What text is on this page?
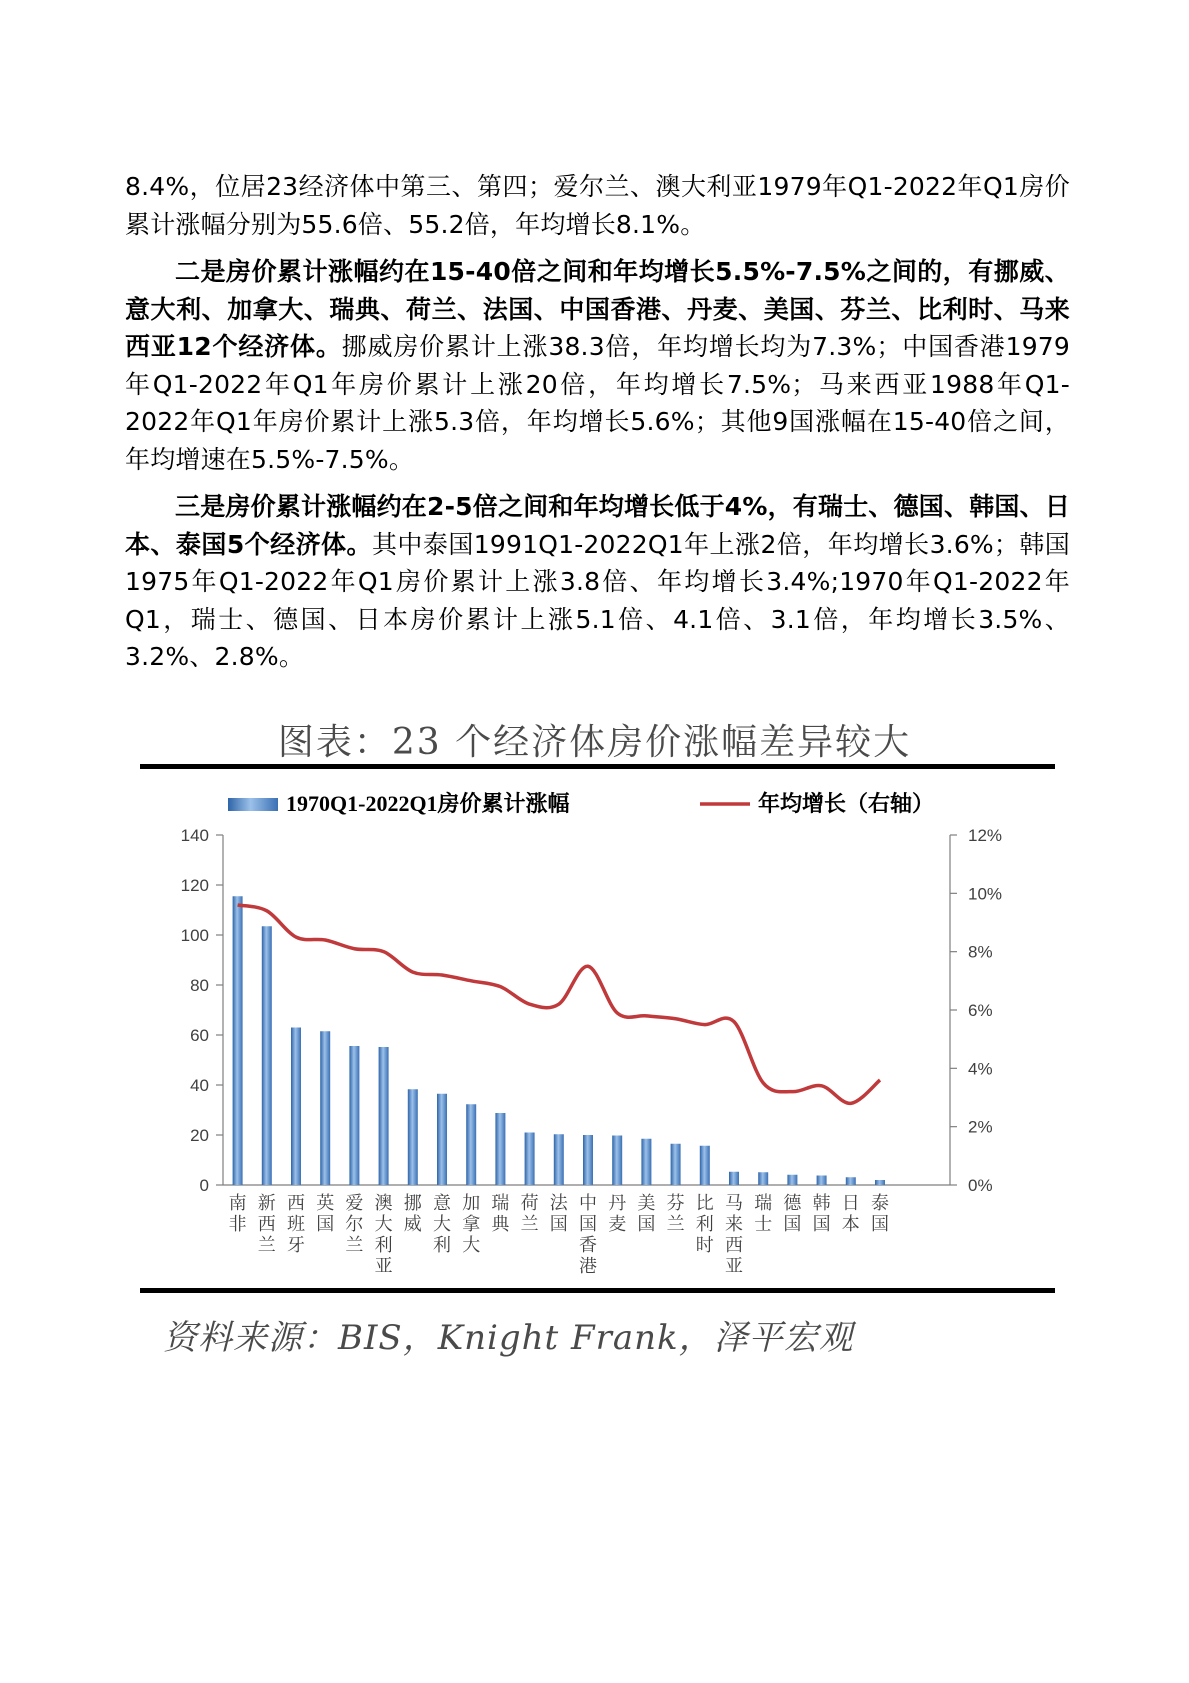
8.4%，位居23经济体中第三、第四；爱尔兰、澳大利亚1979年Q1-2022年Q1房价累计涨幅分别为55.6倍、55.2倍，年均增长8.1%。

二是房价累计涨幅约在15-40倍之间和年均增长5.5%-7.5%之间的，有挪威、意大利、加拿大、瑞典、荷兰、法国、中国香港、丹麦、美国、芬兰、比利时、马来西亚12个经济体。挪威房价累计上涨38.3倍，年均增长均为7.3%；中国香港1979年Q1-2022年Q1年房价累计上涨20倍，年均增长7.5%；马来西亚1988年Q1-2022年Q1年房价累计上涨5.3倍，年均增长5.6%；其他9国涨幅在15-40倍之间，年均增速在5.5%-7.5%。

三是房价累计涨幅约在2-5倍之间和年均增长低于4%，有瑞士、德国、韩国、日本、泰国5个经济体。其中泰国1991Q1-2022Q1年上涨2倍，年均增长3.6%；韩国1975年Q1-2022年Q1房价累计上涨3.8倍、年均增长3.4%;1970年Q1-2022年Q1，瑞士、德国、日本房价累计上涨5.1倍、4.1倍、3.1倍，年均增长3.5%、3.2%、2.8%。

图表：23 个经济体房价涨幅差异较大
1970Q1-2022Q1房价累计涨幅	年均增长（右轴）
0
20
40
60
80
100
120
140
0%
2%
4%
6%
8%
10%
12%
南
非
新
西
兰
西
班
牙
英
国
爱
尔
兰
澳
大
利
亚
挪
威
意
大
利
加
拿
大
瑞
典
荷
兰
法
国
中
国
香
港
丹
麦
美
国
芬
兰
比
利
时
马
来
西
亚
瑞
士
德
国
韩
国
日
本
泰
国
资料来源：BIS，Knight Frank，泽平宏观
